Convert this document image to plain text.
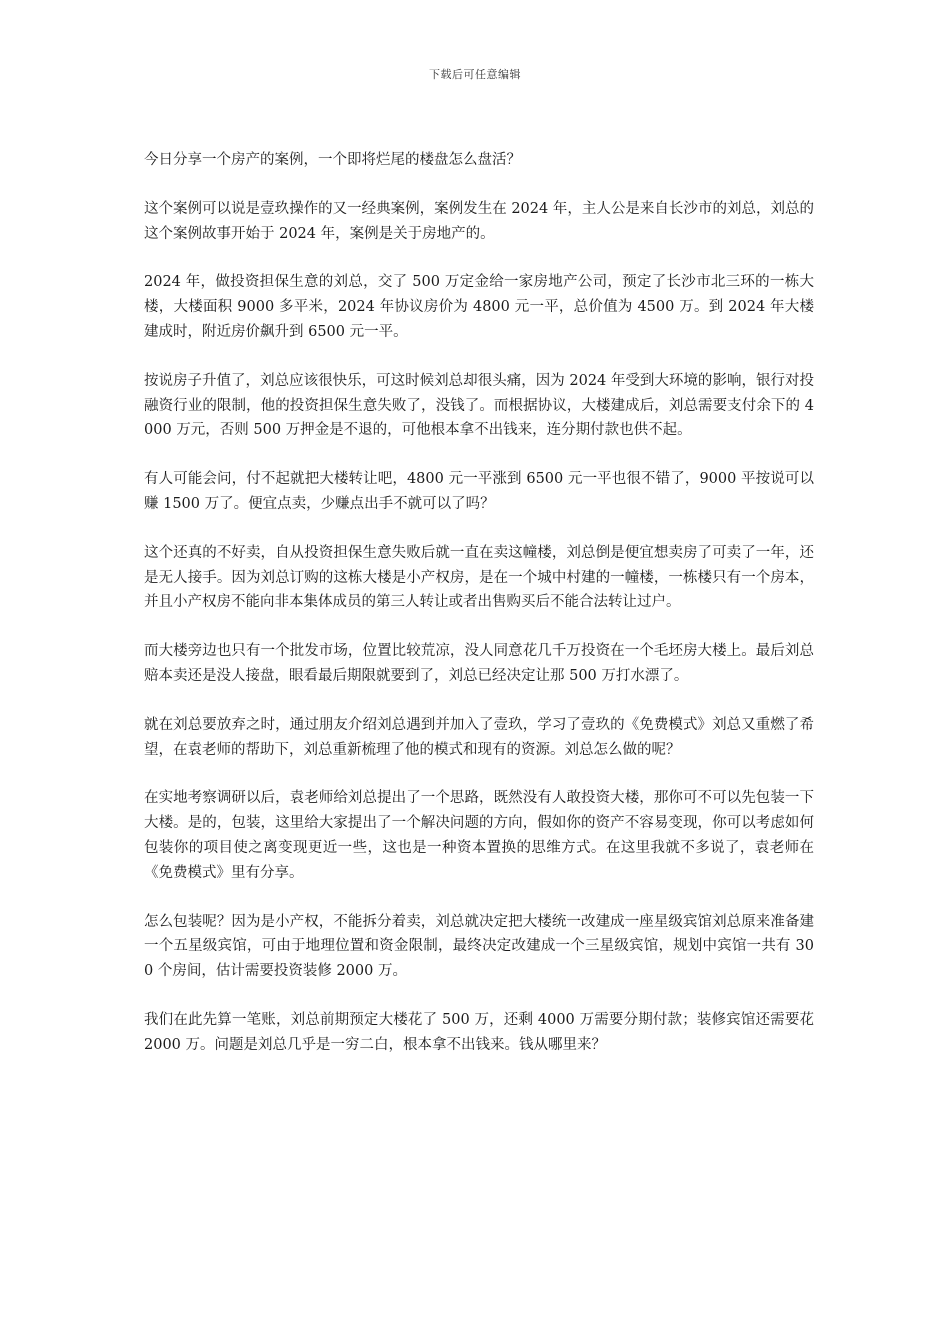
下载后可任意编辑

今日分享一个房产的案例，一个即将烂尾的楼盘怎么盘活？

这个案例可以说是壹玖操作的又一经典案例，案例发生在 2024 年，主人公是来自长沙市的刘总，刘总的这个案例故事开始于 2024 年，案例是关于房地产的。

2024 年，做投资担保生意的刘总，交了 500 万定金给一家房地产公司，预定了长沙市北三环的一栋大楼，大楼面积 9000 多平米，2024 年协议房价为 4800 元一平，总价值为 4500 万。到 2024 年大楼建成时，附近房价飙升到 6500 元一平。

按说房子升值了，刘总应该很快乐，可这时候刘总却很头痛，因为 2024 年受到大环境的影响，银行对投融资行业的限制，他的投资担保生意失败了，没钱了。而根据协议，大楼建成后，刘总需要支付余下的 4000 万元，否则 500 万押金是不退的，可他根本拿不出钱来，连分期付款也供不起。

有人可能会问，付不起就把大楼转让吧，4800 元一平涨到 6500 元一平也很不错了，9000 平按说可以赚 1500 万了。便宜点卖，少赚点出手不就可以了吗？

这个还真的不好卖，自从投资担保生意失败后就一直在卖这幢楼，刘总倒是便宜想卖房了可卖了一年，还是无人接手。因为刘总订购的这栋大楼是小产权房，是在一个城中村建的一幢楼，一栋楼只有一个房本，并且小产权房不能向非本集体成员的第三人转让或者出售购买后不能合法转让过户。

而大楼旁边也只有一个批发市场，位置比较荒凉，没人同意花几千万投资在一个毛坯房大楼上。最后刘总赔本卖还是没人接盘，眼看最后期限就要到了，刘总已经决定让那 500 万打水漂了。

就在刘总要放弃之时，通过朋友介绍刘总遇到并加入了壹玖，学习了壹玖的《免费模式》刘总又重燃了希望，在袁老师的帮助下，刘总重新梳理了他的模式和现有的资源。刘总怎么做的呢？

在实地考察调研以后，袁老师给刘总提出了一个思路，既然没有人敢投资大楼，那你可不可以先包装一下大楼。是的，包装，这里给大家提出了一个解决问题的方向，假如你的资产不容易变现，你可以考虑如何包装你的项目使之离变现更近一些，这也是一种资本置换的思维方式。在这里我就不多说了，袁老师在《免费模式》里有分享。

怎么包装呢？因为是小产权，不能拆分着卖，刘总就决定把大楼统一改建成一座星级宾馆刘总原来准备建一个五星级宾馆，可由于地理位置和资金限制，最终决定改建成一个三星级宾馆，规划中宾馆一共有 300 个房间，估计需要投资装修 2000 万。

我们在此先算一笔账，刘总前期预定大楼花了 500 万，还剩 4000 万需要分期付款；装修宾馆还需要花 2000 万。问题是刘总几乎是一穷二白，根本拿不出钱来。钱从哪里来？
